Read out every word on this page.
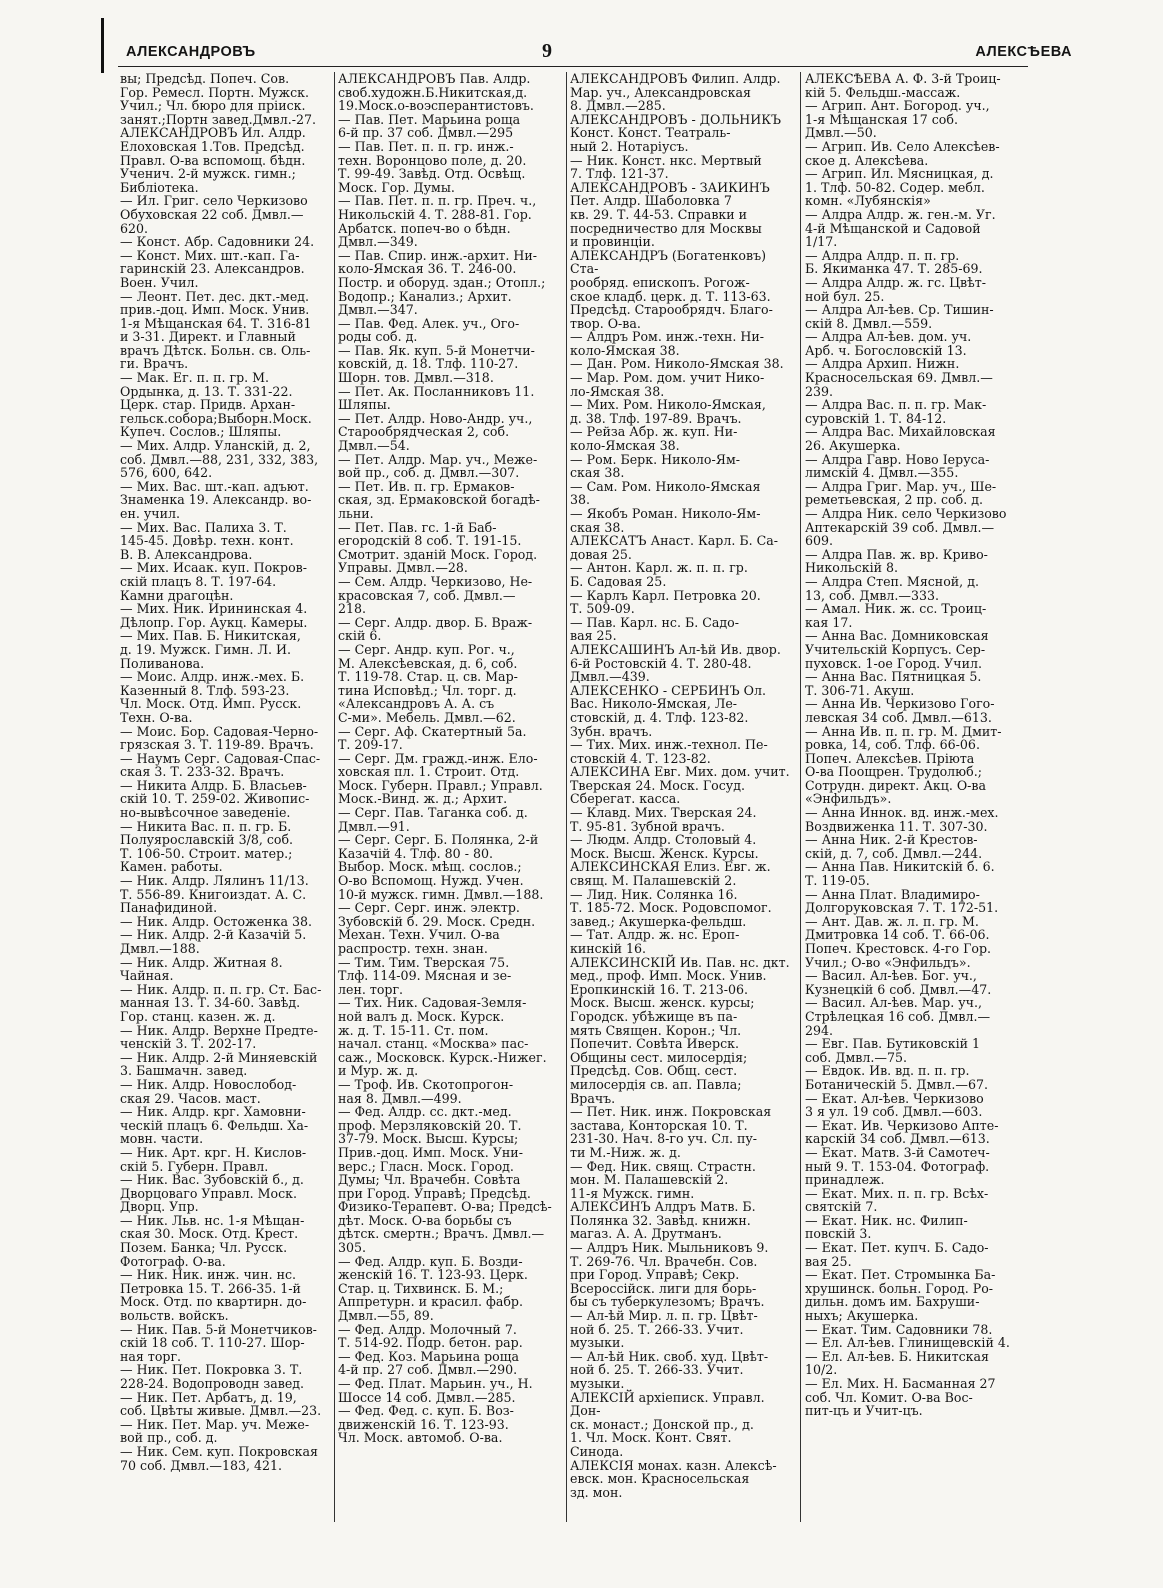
АЛЕКСАНДРОВЪ	9	АЛЕКСѢЕВА

вы; Предсѣд. Попеч. Сов.
Гор. Ремесл. Портн. Мужск.
Учил.; Чл. бюро для пріиск.
занят.;Портн завед.Дмвл.-27.
АЛЕКСАНДРОВЪ Ил. Алдр.
Елоховская 1.Тов. Предсѣд.
Правл. О-ва вспомощ. бѣдн.
Ученич. 2-й мужск. гимн.;
Библiотека.
— Ил. Григ. село Черкизово
Обуховская 22 соб. Дмвл.—
620.
— Конст. Абр. Садовники 24.
— Конст. Мих. шт.-кап. Га-
гаринскiй 23. Александров.
Воен. Учил.
— Леонт. Пет. дес. дкт.-мед.
прив.-доц. Имп. Моск. Унив.
1-я Мѣщанская 64. Т. 316-81
и 3-31. Директ. и Главный
врачъ Дѣтск. Больн. св. Оль-
ги. Врачъ.
— Мак. Ег. п. п. гр. М.
Ордынка, д. 13. Т. 331-22.
Церк. стар. Придв. Архан-
гельск.собора;Выборн.Моск.
Купеч. Сослов.; Шляпы.
— Мих. Алдр. Уланскiй, д. 2,
соб. Дмвл.—88, 231, 332, 383,
576, 600, 642.
— Мих. Вас. шт.-кап. адъют.
Знаменка 19. Александр. во-
ен. учил.
— Мих. Вас. Палиха 3. Т.
145-45. Довѣр. техн. конт.
В. В. Александрова.
— Мих. Исаак. куп. Покров-
скiй плацъ 8. Т. 197-64.
Камни драгоцѣн.
— Мих. Ник. Ирининская 4.
Дѣлопр. Гор. Аукц. Камеры.
— Мих. Пав. Б. Никитская,
д. 19. Мужск. Гимн. Л. И.
Поливанова.
— Моис. Алдр. инж.-мех. Б.
Казенный 8. Тлф. 593-23.
Чл. Моск. Отд. Имп. Русск.
Техн. О-ва.
— Моис. Бор. Садовая-Черно-
грязская 3. Т. 119-89. Врачъ.
— Наумъ Серг. Садовая-Спас-
ская 3. Т. 233-32. Врачъ.
— Никита Алдр. Б. Власьев-
скiй 10. Т. 259-02. Живопис-
но-вывѣсочное заведенiе.
— Никита Вас. п. п. гр. Б.
Полуярославскiй 3/8, соб.
Т. 106-50. Строит. матер.;
Камен. работы.
— Ник. Алдр. Лялинъ 11/13.
Т. 556-89. Книгоиздат. А. С.
Панафидиной.
— Ник. Алдр. Остоженка 38.
— Ник. Алдр. 2-й Казачiй 5.
Дмвл.—188.
— Ник. Алдр. Житная 8.
Чайная.
— Ник. Алдр. п. п. гр. Ст. Бас-
манная 13. Т. 34-60. Завѣд.
Гор. станц. казен. ж. д.
— Ник. Алдр. Верхне Предте-
ченскiй 3. Т. 202-17.
— Ник. Алдр. 2-й Миняевскiй
3. Башмачн. завед.
— Ник. Алдр. Новослобод-
ская 29. Часов. маст.
— Ник. Алдр. крг. Хамовни-
ческiй плацъ 6. Фельдш. Ха-
мовн. части.
— Ник. Арт. крг. Н. Кислов-
скiй 5. Губерн. Правл.
— Ник. Вас. Зубовскiй б., д.
Дворцоваго Управл. Моск.
Дворц. Упр.
— Ник. Льв. нс. 1-я Мѣщан-
ская 30. Моск. Отд. Крест.
Позем. Банка; Чл. Русск.
Фотограф. О-ва.
— Ник. Ник. инж. чин. нс.
Петровка 15. Т. 266-35. 1-й
Моск. Отд. по квартирн. до-
вольств. войскъ.
— Ник. Пав. 5-й Монетчиков-
скiй 18 соб. Т. 110-27. Шор-
ная торг.
— Ник. Пет. Покровка 3. Т.
228-24. Водопроводн завед.
— Ник. Пет. Арбатъ, д. 19,
соб. Цвѣты живые. Дмвл.—23.
— Ник. Пет. Мар. уч. Меже-
вой пр., соб. д.
— Ник. Сем. куп. Покровская
70 соб. Дмвл.—183, 421.

АЛЕКСАНДРОВЪ Пав. Алдр.
своб.художн.Б.Никитская,д.
19.Моск.о-воэсперантистовъ.
— Пав. Пет. Марьина роща
6-й пр. 37 соб. Дмвл.—295
— Пав. Пет. п. п. гр. инж.-
техн. Воронцово поле, д. 20.
Т. 99-49. Завѣд. Отд. Освѣщ.
Моск. Гор. Думы.
— Пав. Пет. п. п. гр. Преч. ч.,
Никольскiй 4. Т. 288-81. Гор.
Арбатск. попеч-во о бѣдн.
Дмвл.—349.
— Пав. Спир. инж.-архит. Ни-
коло-Ямская 36. Т. 246-00.
Постр. и оборуд. здан.; Отопл.;
Водопр.; Канализ.; Архит.
Дмвл.—347.
— Пав. Фед. Алек. уч., Ого-
роды соб. д.
— Пав. Як. куп. 5-й Монетчи-
ковскiй, д. 18. Тлф. 110-27.
Шорн. тов. Дмвл.—318.
— Пет. Ак. Посланниковъ 11.
Шляпы.
— Пет. Алдр. Ново-Андр. уч.,
Старообрядческая 2, соб.
Дмвл.—54.
— Пет. Алдр. Мар. уч., Меже-
вой пр., соб. д. Дмвл.—307.
— Пет. Ив. п. гр. Ермаков-
ская, зд. Ермаковской богадѣ-
льни.
— Пет. Пав. гс. 1-й Баб-
егородскiй 8 соб. Т. 191-15.
Смотрит. зданiй Моск. Город.
Управы. Дмвл.—28.
— Сем. Алдр. Черкизово, Не-
красовская 7, соб. Дмвл.—
218.
— Серг. Алдр. двор. Б. Враж-
скiй 6.
— Серг. Андр. куп. Рог. ч.,
М. Алексѣевская, д. 6, соб.
Т. 119-78. Стар. ц. св. Мар-
тина Исповѣд.; Чл. торг. д.
«Александровъ А. А. съ
С-ми». Мебель. Дмвл.—62.
— Серг. Аф. Скатертный 5а.
Т. 209-17.
— Серг. Дм. гражд.-инж. Ело-
ховская пл. 1. Строит. Отд.
Моск. Губерн. Правл.; Управл.
Моск.-Винд. ж. д.; Архит.
— Серг. Пав. Таганка соб. д.
Дмвл.—91.
— Серг. Серг. Б. Полянка, 2-й
Казачiй 4. Тлф. 80 - 80.
Выбор. Моск. мѣщ. сослов.;
О-во Вспомощ. Нужд. Учен.
10-й мужск. гимн. Дмвл.—188.
— Серг. Серг. инж. электр.
Зубовскiй б. 29. Моск. Средн.
Механ. Техн. Учил. О-ва
распростр. техн. знан.
— Тим. Тим. Тверская 75.
Тлф. 114-09. Мясная и зе-
лен. торг.
— Тих. Ник. Садовая-Земля-
ной валъ д. Моск. Курск.
ж. д. Т. 15-11. Ст. пом.
начал. станц. «Москва» пас-
саж., Московск. Курск.-Нижег.
и Мур. ж. д.
— Троф. Ив. Скотопрогон-
ная 8. Дмвл.—499.
— Фед. Алдр. сс. дкт.-мед.
проф. Мерзляковскiй 20. Т.
37-79. Моск. Высш. Курсы;
Прив.-доц. Имп. Моск. Уни-
верс.; Гласн. Моск. Город.
Думы; Чл. Врачебн. Совѣта
при Город. Управѣ; Предсѣд.
Физико-Терапевт. О-ва; Предсѣ-
дѣт. Моск. О-ва борьбы съ
дѣтск. смертн.; Врачъ. Дмвл.—
305.
— Фед. Алдр. куп. Б. Возди-
женскiй 16. Т. 123-93. Церк.
Стар. ц. Тихвинск. Б. М.;
Аппретурн. и красил. фабр.
Дмвл.—55, 89.
— Фед. Алдр. Молочный 7.
Т. 514-92. Подр. бетон. рар.
— Фед. Коз. Марьина роща
4-й пр. 27 соб. Дмвл.—290.
— Фед. Плат. Марьин. уч., Н.
Шоссе 14 соб. Дмвл.—285.
— Фед. Фед. с. куп. Б. Воз-
движенскiй 16. Т. 123-93.
Чл. Моск. автомоб. О-ва.

АЛЕКСАНДРОВЪ Филип. Алдр.
Мар. уч., Александровская
8. Дмвл.—285.
АЛЕКСАНДРОВЪ - ДОЛЬНИКЪ
Конст. Конст. Театраль-
ный 2. Нотарiусъ.
— Ник. Конст. нкс. Мертвый
7. Тлф. 121-37.
АЛЕКСАНДРОВЪ - ЗАИКИНЪ
Пет. Алдр. Шаболовка 7
кв. 29. Т. 44-53. Справки и
посредничество для Москвы
и провинцiи.
АЛЕКСАНДРЪ (Богатенковъ) Ста-
рообряд. епископъ. Рогож-
ское кладб. церк. д. Т. 113-63.
Предсѣд. Старообрядч. Благо-
твор. О-ва.
— Алдръ Ром. инж.-техн. Ни-
коло-Ямская 38.
— Дан. Ром. Николо-Ямская 38.
— Мар. Ром. дом. учит Нико-
ло-Ямская 38.
— Мих. Ром. Николо-Ямская,
д. 38. Тлф. 197-89. Врачъ.
— Рейза Абр. ж. куп. Ни-
коло-Ямская 38.
— Ром. Берк. Николо-Ям-
ская 38.
— Сам. Ром. Николо-Ямская
38.
— Якобъ Роман. Николо-Ям-
ская 38.
АЛЕКСАТЪ Анаст. Карл. Б. Са-
довая 25.
— Антон. Карл. ж. п. п. гр.
Б. Садовая 25.
— Карлъ Карл. Петровка 20.
Т. 509-09.
— Пав. Карл. нс. Б. Садо-
вая 25.
АЛЕКСАШИНЪ Ал-ѣй Ив. двор.
6-й Ростовскiй 4. Т. 280-48.
Дмвл.—439.
АЛЕКСЕНКО - СЕРБИНЪ Ол.
Вас. Николо-Ямская, Ле-
стовскiй, д. 4. Тлф. 123-82.
Зубн. врачъ.
— Тих. Мих. инж.-технол. Пе-
стовскiй 4. Т. 123-82.
АЛЕКСИНА Евг. Мих. дом. учит.
Тверская 24. Моск. Госуд.
Сберегат. касса.
— Клавд. Мих. Тверская 24.
Т. 95-81. Зубной врачъ.
— Людм. Алдр. Столовый 4.
Моск. Высш. Женск. Курсы.
АЛЕКСИНСКАЯ Елиз. Евг. ж.
свящ. М. Палашевскiй 2.
— Лид. Ник. Солянка 16.
Т. 185-72. Моск. Родовспомог.
завед.; Акушерка-фельдш.
— Тат. Алдр. ж. нс. Ероп-
кинскiй 16.
АЛЕКСИНСКIЙ Ив. Пав. нс. дкт.
мед., проф. Имп. Моск. Унив.
Еропкинскiй 16. Т. 213-06.
Моск. Высш. женск. курсы;
Городск. убѣжище въ па-
мять Священ. Корон.; Чл.
Попечит. Совѣта Иверск.
Общины сест. милосердiя;
Предсѣд. Сов. Общ. сест.
милосердiя св. ап. Павла;
Врачъ.
— Пет. Ник. инж. Покровская
застава, Конторская 10. Т.
231-30. Нач. 8-го уч. Сл. пу-
ти М.-Ниж. ж. д.
— Фед. Ник. свящ. Страстн.
мон. М. Палашевскiй 2.
11-я Мужск. гимн.
АЛЕКСИНЪ Алдръ Матв. Б.
Полянка 32. Завѣд. книжн.
магаз. А. А. Друтманъ.
— Алдръ Ник. Мыльниковъ 9.
Т. 269-76. Чл. Врачебн. Сов.
при Город. Управѣ; Секр.
Всероссiйск. лиги для борь-
бы съ туберкулезомъ; Врачъ.
— Ал-ѣй Мир. л. п. гр. Цвѣт-
ной б. 25. Т. 266-33. Учит.
музыки.
— Ал-ѣй Ник. своб. худ. Цвѣт-
ной б. 25. Т. 266-33. Учит.
музыки.
АЛЕКСIЙ архiеписк. Управл. Дон-
ск. монаст.; Донской пр., д.
1. Чл. Моск. Конт. Свят.
Синода.
АЛЕКСIЯ монах. казн. Алексѣ-
евск. мон. Красносельская
зд. мон.

АЛЕКСѢЕВА А. Ф. 3-й Троиц-
кiй 5. Фельдш.-массаж.
— Агрип. Ант. Богород. уч.,
1-я Мѣщанская 17 соб.
Дмвл.—50.
— Агрип. Ив. Село Алексѣев-
ское д. Алексѣева.
— Агрип. Ил. Мясницкая, д.
1. Тлф. 50-82. Содер. мебл.
комн. «Лубянскiя»
— Алдра Алдр. ж. ген.-м. Уг.
4-й Мѣщанской и Садовой
1/17.
— Алдра Алдр. п. п. гр.
Б. Якиманка 47. Т. 285-69.
— Алдра Алдр. ж. гс. Цвѣт-
ной бул. 25.
— Алдра Ал-ѣев. Ср. Тишин-
скiй 8. Дмвл.—559.
— Алдра Ал-ѣев. дом. уч.
Арб. ч. Богословскiй 13.
— Алдра Архип. Нижн.
Красносельская 69. Дмвл.—
239.
— Алдра Вас. п. п. гр. Мак-
суровскiй 1. Т. 84-12.
— Алдра Вас. Михайловская
26. Акушерка.
— Алдра Гавр. Ново Iеруса-
лимскiй 4. Дмвл.—355.
— Алдра Григ. Мар. уч., Ше-
реметьевская, 2 пр. соб. д.
— Алдра Ник. село Черкизово
Аптекарскiй 39 соб. Дмвл.—
609.
— Алдра Пав. ж. вр. Криво-
Никольскiй 8.
— Алдра Степ. Мясной, д.
13, соб. Дмвл.—333.
— Амал. Ник. ж. сс. Троиц-
кая 17.
— Анна Вас. Домниковская
Учительскiй Корпусъ. Сер-
пуховск. 1-ое Город. Учил.
— Анна Вас. Пятницкая 5.
Т. 306-71. Акуш.
— Анна Ив. Черкизово Гого-
левская 34 соб. Дмвл.—613.
— Анна Ив. п. п. гр. М. Дмит-
ровка, 14, соб. Тлф. 66-06.
Попеч. Алексѣев. Прiюта
О-ва Поощрен. Трудолюб.;
Сотрудн. директ. Акц. О-ва
«Энфильдъ».
— Анна Иннок. вд. инж.-мех.
Воздвиженка 11. Т. 307-30.
— Анна Ник. 2-й Крестов-
скiй, д. 7, соб. Дмвл.—244.
— Анна Пав. Никитскiй б. 6.
Т. 119-05.
— Анна Плат. Владимиро-
Долгоруковская 7. Т. 172-51.
— Ант. Дав. ж. л. п. гр. М.
Дмитровка 14 соб. Т. 66-06.
Попеч. Крестовск. 4-го Гор.
Учил.; О-во «Энфильдъ».
— Васил. Ал-ѣев. Бог. уч.,
Кузнецкiй 6 соб. Дмвл.—47.
— Васил. Ал-ѣев. Мар. уч.,
Стрѣлецкая 16 соб. Дмвл.—
294.
— Евг. Пав. Бутиковскiй 1
соб. Дмвл.—75.
— Евдок. Ив. вд. п. п. гр.
Ботаническiй 5. Дмвл.—67.
— Екат. Ал-ѣев. Черкизово
3 я ул. 19 соб. Дмвл.—603.
— Екат. Ив. Черкизово Апте-
карскiй 34 соб. Дмвл.—613.
— Екат. Матв. 3-й Самотеч-
ный 9. Т. 153-04. Фотограф.
принадлеж.
— Екат. Мих. п. п. гр. Всѣх-
святскiй 7.
— Екат. Ник. нс. Филип-
повскiй 3.
— Екат. Пет. купч. Б. Садо-
вая 25.
— Екат. Пет. Стромынка Ба-
хрушинск. больн. Город. Ро-
дильн. домъ им. Бахруши-
ныхъ; Акушерка.
— Екат. Тим. Садовники 78.
— Ел. Ал-ѣев. Глинищевскiй 4.
— Ел. Ал-ѣев. Б. Никитская
10/2.
— Ел. Мих. Н. Басманная 27
соб. Чл. Комит. О-ва Вос-
пит-цъ и Учит-цъ.
